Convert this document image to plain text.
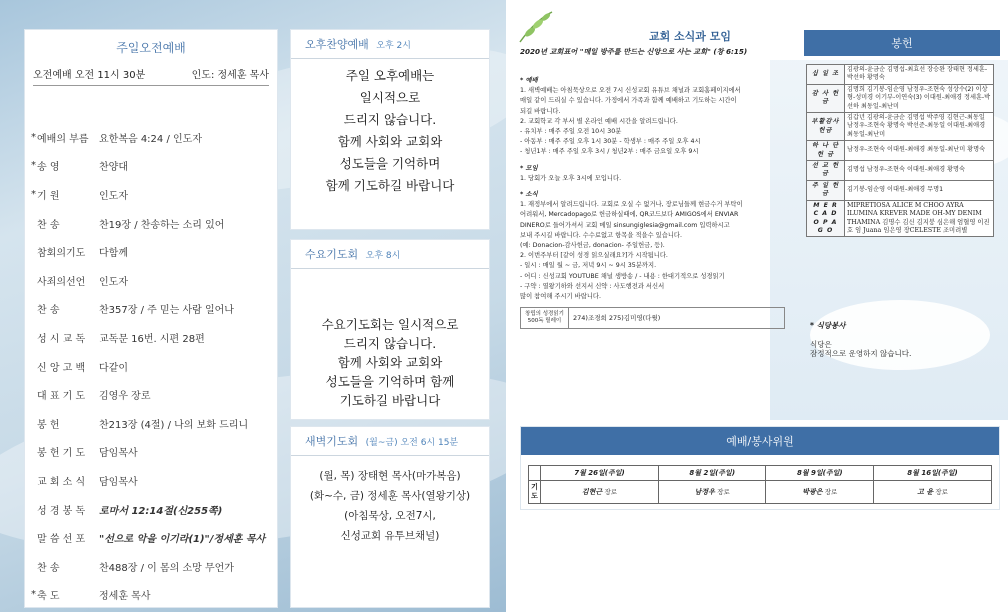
주일오전예배
오전예배 오전 11시 30분	인도: 정세훈 목사
* 예배의 부름	요한복음 4:24 / 인도자
* 송 영	찬양대
* 기 원	인도자
찬 송	찬19장 / 찬송하는 소리 있어
참회의기도	다함께
사죄의선언	인도자
찬 송	찬357장 / 주 믿는 사람 일어나
성 시 교 독	교독문 16번. 시편 28편
신 앙 고 백	다같이
대 표 기 도	김영우 장로
봉 헌	찬213장 (4절) / 나의 보화 드리니
봉 헌 기 도	담임목사
교 회 소 식	담임목사
성 경 봉 독	로마서 12:14절(신255쪽)
말 씀 선 포	"선으로 악을 이기라(1)"/정세훈 목사
찬 송	찬488장 / 이 몸의 소망 무언가
* 축 도	정세훈 목사
오후찬양예배 오후 2시
주일 오후예배는
일시적으로
드리지 않습니다.
함께 사회와 교회와
성도들을 기억하며
함께 기도하길 바랍니다
수요기도회 오후 8시
수요기도회는 일시적으로
드리지 않습니다.
함께 사회와 교회와
성도들을 기억하며 함께
기도하길 바랍니다
새벽기도회 (월~금) 오전 6시 15분
(월, 목) 장태현 목사(마가복음)
(화~수, 금) 정세훈 목사(열왕기상)
(아침묵상, 오전7시,
신성교회 유투브채널)
교회 소식과 모임
2020년 교회표어 "매일 방주를 만드는 신앙으로 사는 교회" (창 6:15)
* 예배
1. 새벽예배는 아침묵상으로 오전 7시 신성교회 유튜브 채널과 교회홈페이지에서
매일 같이 드리실 수 있습니다. 가정에서 가족과 함께 예배하고 기도하는 시간이
되길 바랍니다.
2. 교회학교 각 부서 별 온라인 예배 시간을 알려드립니다.
- 유치부 : 매주 주일 오전 10시 30분
- 아동부 : 매주 주일 오후 1시 30분 - 학생부 : 매주 주일 오후 4시
- 청년1부 : 매주 주일 오후 3시 / 청년2부 : 매주 금요일 오후 9시
* 모임
1. 당회가 오늘 오후 3시에 모입니다.
* 소식
1. 재정부에서 알려드립니다. 교회로 오실 수 없거나, 장로님들께 현금수거 부탁이
어려워서, Mercadopago로 헌금하실때에, QR코드보다 AMIGOS에서 ENVIAR
DINERO로 들어가셔서 교회 메일 sinsungiglesia@gmail.com 입력하시고
보내 주시길 바랍니다. 수수료없고 항목을 적을수 있습니다.
(예: Donacion-감사헌금, donacion- 주일헌금, 등).
2. 이번주부터 [같이 성경 읽으실래요?]가 시작됩니다.
- 일시 : 매일 월 ~ 금, 저녁 9시 ~ 9시 35분까지.
- 어디 : 신성교회 YOUTUBE 채널 생방송 / - 내용 : 한대기적으로 성경읽기
- 구약 : 열왕기하와 선지서 신약 : 사도행전과 서신서
많이 참여해 주시기 바랍니다.
창립의 성경읽기 500독 릴레이	274)조경희 275)김미영(다윗)
봉헌
십 일 조	김광의-윤금순 김명섭-최효선 장승완 장태현 정세훈-박선하 황명숙
감 사 헌 금	김명희 김기봉-임순영 남정우-조현숙 성상수(2) 이상형-성미경 이기부-이연숙(3) 이대원-최애경 정세훈-박선하 최동일-최난미
부활감사헌금	김갑년 김광의-윤금순 김명섭 박주영 김현근-최동일 남정우-조현숙 황명숙 박선준-최동일 이대원-최애경 최동일-최난미
하 나 단 헌 금	남정우-조현숙 이대원-최애경 최동일-최난미 황명숙
선 교 헌 금	김명섭 남정우-조현숙 이대원-최애경 황명숙
주 일 헌 금	김기봉-임순영 이대원-최애경 무명1
M E R C A D O P A G O	MIPRETIOSA ALICE M CHOO AYRA ILUMINA KREVER MADE OH-MY DENIM THAMINA 김명수 김신 김지붕 심은해 엄혈영 이진호 임 Juana 임은영 장CELESTE 조미려별
* 식당봉사
식당은
잠정적으로 운영하지 않습니다.
예배/봉사위원
	7월 26일(주일)	8월 2일(주일)	8월 9일(주일)	8월 16일(주일)
기 도	김현근 장로	남정우 장로	박광은 장로	고 윤 장로
